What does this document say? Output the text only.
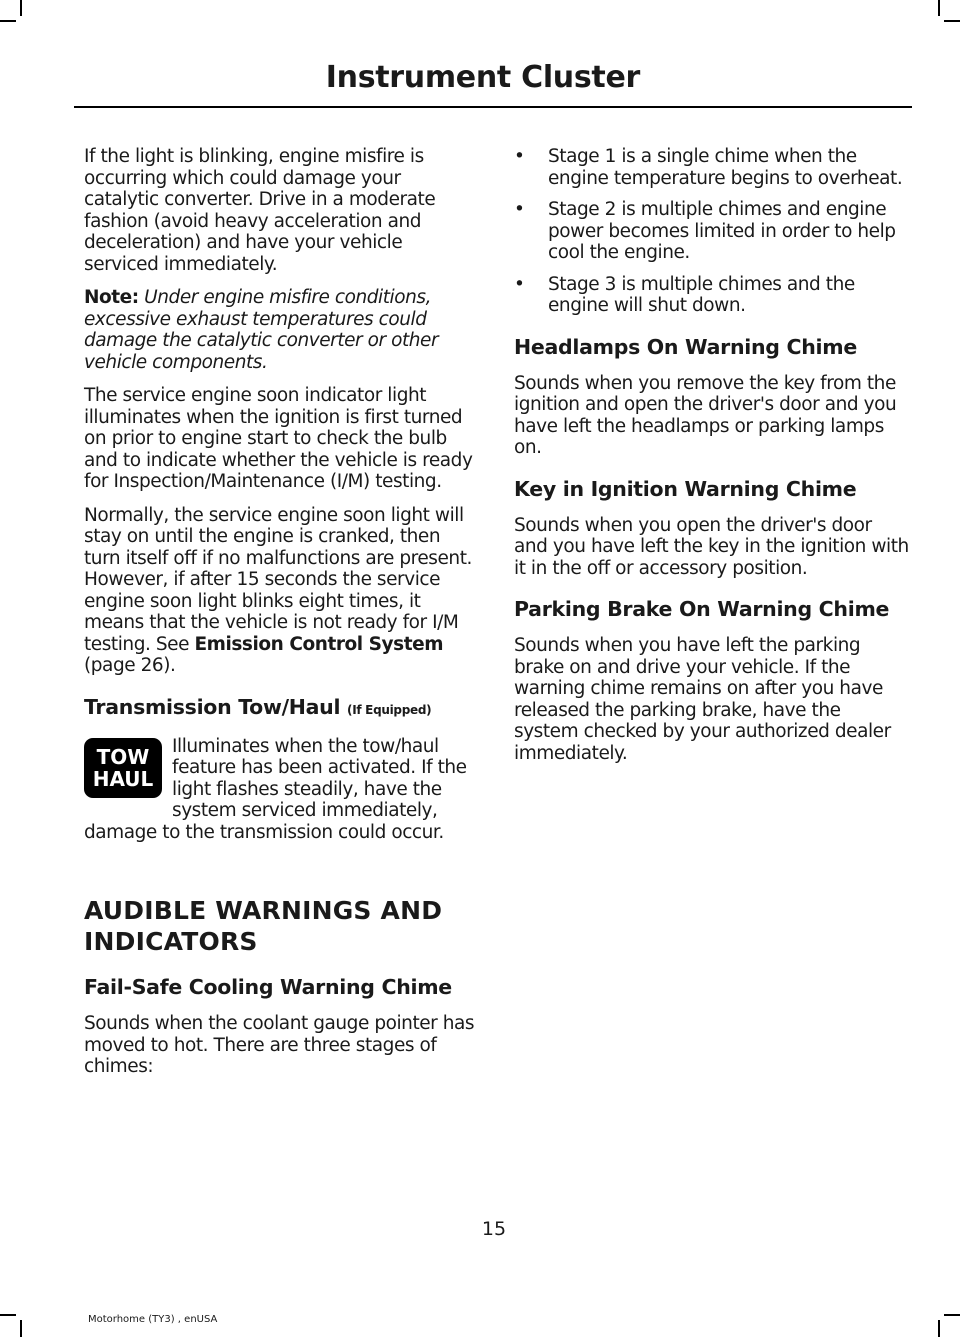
Instrument Cluster

If the light is blinking, engine misfire is occurring which could damage your catalytic converter. Drive in a moderate fashion (avoid heavy acceleration and deceleration) and have your vehicle serviced immediately.

Note: Under engine misfire conditions, excessive exhaust temperatures could damage the catalytic converter or other vehicle components.

The service engine soon indicator light illuminates when the ignition is first turned on prior to engine start to check the bulb and to indicate whether the vehicle is ready for Inspection/Maintenance (I/M) testing.

Normally, the service engine soon light will stay on until the engine is cranked, then turn itself off if no malfunctions are present. However, if after 15 seconds the service engine soon light blinks eight times, it means that the vehicle is not ready for I/M testing. See Emission Control System (page 26).

Transmission Tow/Haul (If Equipped)
TOW
HAUL

Illuminates when the tow/haul feature has been activated. If the light flashes steadily, have the system serviced immediately, damage to the transmission could occur.

AUDIBLE WARNINGS AND
INDICATORS
Fail-Safe Cooling Warning Chime

Sounds when the coolant gauge pointer has moved to hot. There are three stages of chimes:

• Stage 1 is a single chime when the engine temperature begins to overheat.
• Stage 2 is multiple chimes and engine power becomes limited in order to help cool the engine.
• Stage 3 is multiple chimes and the engine will shut down.
Headlamps On Warning Chime

Sounds when you remove the key from the ignition and open the driver's door and you have left the headlamps or parking lamps on.

Key in Ignition Warning Chime

Sounds when you open the driver's door and you have left the key in the ignition with it in the off or accessory position.

Parking Brake On Warning Chime

Sounds when you have left the parking brake on and drive your vehicle. If the warning chime remains on after you have released the parking brake, have the system checked by your authorized dealer immediately.

15
Motorhome (TY3) , enUSA
